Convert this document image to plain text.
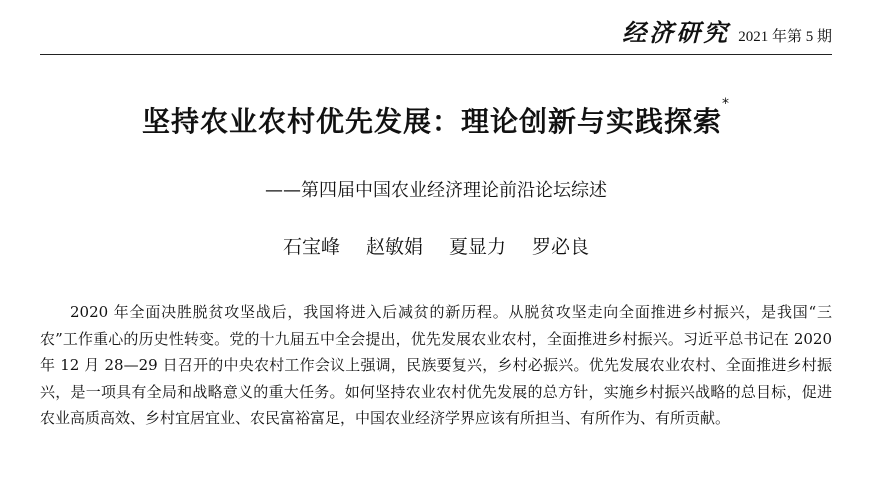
经济研究 2021 年第 5 期
坚持农业农村优先发展：理论创新与实践探索*
——第四届中国农业经济理论前沿论坛综述
石宝峰 赵敏娟 夏显力 罗必良

2020 年全面决胜脱贫攻坚战后，我国将进入后减贫的新历程。从脱贫攻坚走向全面推进乡村振兴，是我国“三农”工作重心的历史性转变。党的十九届五中全会提出，优先发展农业农村，全面推进乡村振兴。习近平总书记在 2020 年 12 月 28—29 日召开的中央农村工作会议上强调，民族要复兴，乡村必振兴。优先发展农业农村、全面推进乡村振兴，是一项具有全局和战略意义的重大任务。如何坚持农业农村优先发展的总方针，实施乡村振兴战略的总目标，促进农业高质高效、乡村宜居宜业、农民富裕富足，中国农业经济学界应该有所担当、有所作为、有所贡献。
